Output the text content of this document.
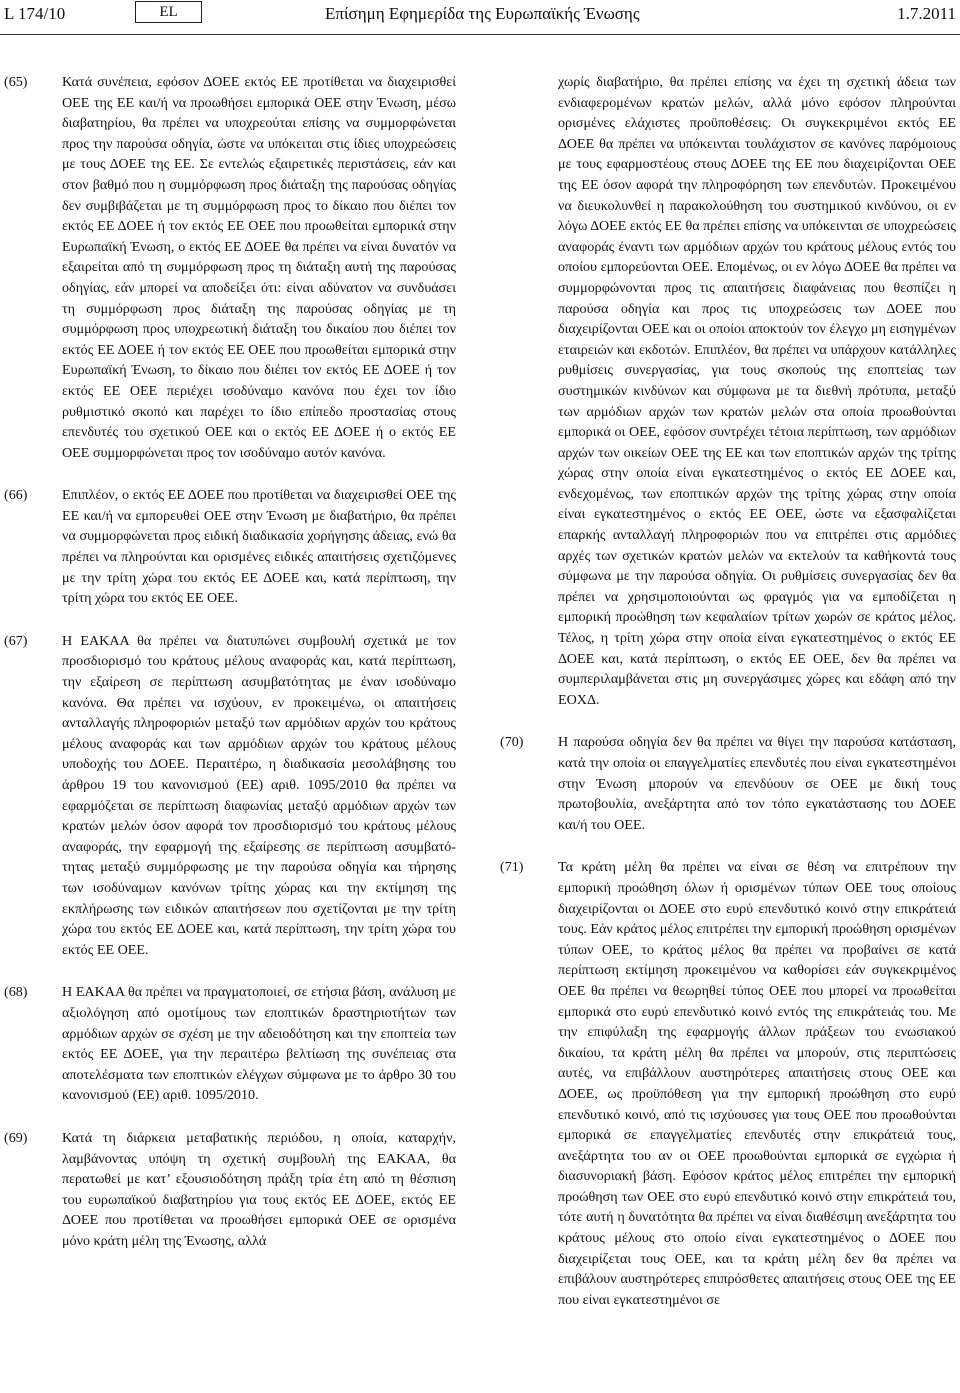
L 174/10	EL	Επίσημη Εφημερίδα της Ευρωπαϊκής Ένωσης	1.7.2011
(65)	Κατά συνέπεια, εφόσον ΔΟΕΕ εκτός ΕΕ προτίθεται να διαχειρισθεί ΟΕΕ της ΕΕ και/ή να προωθήσει εμπορικά ΟΕΕ στην Ένωση, μέσω διαβατηρίου, θα πρέπει να υποχρεούται επίσης να συμμορφώνεται προς την παρούσα οδηγία, ώστε να υπόκειται στις ίδιες υποχρεώσεις με τους ΔΟΕΕ της ΕΕ. Σε εντελώς εξαιρετικές περιστάσεις, εάν και στον βαθμό που η συμμόρφωση προς διάταξη της παρούσας οδηγίας δεν συμβιβάζεται με τη συμμόρφωση προς το δίκαιο που διέπει τον εκτός ΕΕ ΔΟΕΕ ή τον εκτός ΕΕ ΟΕΕ που προωθείται εμπορικά στην Ευρωπαϊκή Ένωση, ο εκτός ΕΕ ΔΟΕΕ θα πρέπει να είναι δυνατόν να εξαιρείται από τη συμμόρφωση προς τη διάταξη αυτή της παρούσας οδηγίας, εάν μπορεί να αποδείξει ότι: είναι αδύνατον να συνδυάσει τη συμμόρφωση προς διάταξη της παρούσας οδηγίας με τη συμμόρφωση προς υποχρεωτική διάταξη του δικαίου που διέπει τον εκτός ΕΕ ΔΟΕΕ ή τον εκτός ΕΕ ΟΕΕ που προωθείται εμπορικά στην Ευρωπαϊκή Ένωση, το δίκαιο που διέπει τον εκτός ΕΕ ΔΟΕΕ ή τον εκτός ΕΕ ΟΕΕ περιέχει ισοδύναμο κανόνα που έχει τον ίδιο ρυθμιστικό σκοπό και παρέχει το ίδιο επίπεδο προστασίας στους επενδυτές του σχετικού ΟΕΕ και ο εκτός ΕΕ ΔΟΕΕ ή ο εκτός ΕΕ ΟΕΕ συμμορφώνεται προς τον ισοδύναμο αυτόν κανόνα.

(66)	Επιπλέον, ο εκτός ΕΕ ΔΟΕΕ που προτίθεται να διαχειρισθεί ΟΕΕ της ΕΕ και/ή να εμπορευθεί ΟΕΕ στην Ένωση με διαβατήριο, θα πρέπει να συμμορφώνεται προς ειδική διαδικασία χορήγησης άδειας, ενώ θα πρέπει να πληρούνται και ορισμένες ειδικές απαιτήσεις σχετιζόμενες με την τρίτη χώρα του εκτός ΕΕ ΔΟΕΕ και, κατά περίπτωση, την τρίτη χώρα του εκτός ΕΕ ΟΕΕ.

(67)	Η ΕΑΚΑΑ θα πρέπει να διατυπώνει συμβουλή σχετικά με τον προσδιορισμό του κράτους μέλους αναφοράς και, κατά περίπτωση, την εξαίρεση σε περίπτωση ασυμβατότητας με έναν ισοδύναμο κανόνα. Θα πρέπει να ισχύουν, εν προκειμένω, οι απαιτήσεις ανταλλαγής πληροφοριών μεταξύ των αρμόδιων αρχών του κράτους μέλους αναφοράς και των αρμόδιων αρχών του κράτους μέλους υποδοχής του ΔΟΕΕ. Περαιτέρω, η διαδικασία μεσολάβησης του άρθρου 19 του κανονισμού (ΕΕ) αριθ. 1095/2010 θα πρέπει να εφαρμόζεται σε περίπτωση διαφωνίας μεταξύ αρμόδιων αρχών των κρατών μελών όσον αφορά τον προσδιορισμό του κράτους μέλους αναφοράς, την εφαρμογή της εξαίρεσης σε περίπτωση ασυμβατότητας μεταξύ συμμόρφωσης με την παρούσα οδηγία και τήρησης των ισοδύναμων κανόνων τρίτης χώρας και την εκτίμηση της εκπλήρωσης των ειδικών απαιτήσεων που σχετίζονται με την τρίτη χώρα του εκτός ΕΕ ΔΟΕΕ και, κατά περίπτωση, την τρίτη χώρα του εκτός ΕΕ ΟΕΕ.

(68)	Η ΕΑΚΑΑ θα πρέπει να πραγματοποιεί, σε ετήσια βάση, ανάλυση με αξιολόγηση από ομοτίμους των εποπτικών δραστηριοτήτων των αρμόδιων αρχών σε σχέση με την αδειοδότηση και την εποπτεία των εκτός ΕΕ ΔΟΕΕ, για την περαιτέρω βελτίωση της συνέπειας στα αποτελέσματα των εποπτικών ελέγχων σύμφωνα με το άρθρο 30 του κανονισμού (ΕΕ) αριθ. 1095/2010.

(69)	Κατά τη διάρκεια μεταβατικής περιόδου, η οποία, καταρχήν, λαμβάνοντας υπόψη τη σχετική συμβουλή της ΕΑΚΑΑ, θα περατωθεί με κατ’ εξουσιοδότηση πράξη τρία έτη από τη θέσπιση του ευρωπαϊκού διαβατηρίου για τους εκτός ΕΕ ΔΟΕΕ, εκτός ΕΕ ΔΟΕΕ που προτίθεται να προωθήσει εμπορικά ΟΕΕ σε ορισμένα μόνο κράτη μέλη της Ένωσης, αλλά

χωρίς διαβατήριο, θα πρέπει επίσης να έχει τη σχετική άδεια των ενδιαφερομένων κρατών μελών, αλλά μόνο εφόσον πληρούνται ορισμένες ελάχιστες προϋποθέσεις. Οι συγκεκριμένοι εκτός ΕΕ ΔΟΕΕ θα πρέπει να υπόκεινται τουλάχιστον σε κανόνες παρόμοιους με τους εφαρμοστέους στους ΔΟΕΕ της ΕΕ που διαχειρίζονται ΟΕΕ της ΕΕ όσον αφορά την πληροφόρηση των επενδυτών. Προκειμένου να διευκολυνθεί η παρακολούθηση του συστημικού κινδύνου, οι εν λόγω ΔΟΕΕ εκτός ΕΕ θα πρέπει επίσης να υπόκεινται σε υποχρεώσεις αναφοράς έναντι των αρμόδιων αρχών του κράτους μέλους εντός του οποίου εμπορεύονται ΟΕΕ. Επομένως, οι εν λόγω ΔΟΕΕ θα πρέπει να συμμορφώνονται προς τις απαιτήσεις διαφάνειας που θεσπίζει η παρούσα οδηγία και προς τις υποχρεώσεις των ΔΟΕΕ που διαχειρίζονται ΟΕΕ και οι οποίοι αποκτούν τον έλεγχο μη εισηγμένων εταιρειών και εκδοτών. Επιπλέον, θα πρέπει να υπάρχουν κατάλληλες ρυθμίσεις συνεργασίας, για τους σκοπούς της εποπτείας των συστημικών κινδύνων και σύμφωνα με τα διεθνή πρότυπα, μεταξύ των αρμόδιων αρχών των κρατών μελών στα οποία προωθούνται εμπορικά οι ΟΕΕ, εφόσον συντρέχει τέτοια περίπτωση, των αρμόδιων αρχών των οικείων ΟΕΕ της ΕΕ και των εποπτικών αρχών της τρίτης χώρας στην οποία είναι εγκατεστημένος ο εκτός ΕΕ ΔΟΕΕ και, ενδεχομένως, των εποπτικών αρχών της τρίτης χώρας στην οποία είναι εγκατεστημένος ο εκτός ΕΕ ΟΕΕ, ώστε να εξασφαλίζεται επαρκής ανταλλαγή πληροφοριών που να επιτρέπει στις αρμόδιες αρχές των σχετικών κρατών μελών να εκτελούν τα καθήκοντά τους σύμφωνα με την παρούσα οδηγία. Οι ρυθμίσεις συνεργασίας δεν θα πρέπει να χρησιμοποιούνται ως φραγμός για να εμποδίζεται η εμπορική προώθηση των κεφαλαίων τρίτων χωρών σε κράτος μέλος. Τέλος, η τρίτη χώρα στην οποία είναι εγκατεστημένος ο εκτός ΕΕ ΔΟΕΕ και, κατά περίπτωση, ο εκτός ΕΕ ΟΕΕ, δεν θα πρέπει να συμπεριλαμβάνεται στις μη συνεργάσιμες χώρες και εδάφη από την ΕΟΧΔ.

(70)	Η παρούσα οδηγία δεν θα πρέπει να θίγει την παρούσα κατάσταση, κατά την οποία οι επαγγελματίες επενδυτές που είναι εγκατεστημένοι στην Ένωση μπορούν να επενδύουν σε ΟΕΕ με δική τους πρωτοβουλία, ανεξάρτητα από τον τόπο εγκατάστασης του ΔΟΕΕ και/ή του ΟΕΕ.

(71)	Τα κράτη μέλη θα πρέπει να είναι σε θέση να επιτρέπουν την εμπορική προώθηση όλων ή ορισμένων τύπων ΟΕΕ τους οποίους διαχειρίζονται οι ΔΟΕΕ στο ευρύ επενδυτικό κοινό στην επικράτειά τους. Εάν κράτος μέλος επιτρέπει την εμπορική προώθηση ορισμένων τύπων ΟΕΕ, το κράτος μέλος θα πρέπει να προβαίνει σε κατά περίπτωση εκτίμηση προκειμένου να καθορίσει εάν συγκεκριμένος ΟΕΕ θα πρέπει να θεωρηθεί τύπος ΟΕΕ που μπορεί να προωθείται εμπορικά στο ευρύ επενδυτικό κοινό εντός της επικράτειάς του. Με την επιφύλαξη της εφαρμογής άλλων πράξεων του ενωσιακού δικαίου, τα κράτη μέλη θα πρέπει να μπορούν, στις περιπτώσεις αυτές, να επιβάλλουν αυστηρότερες απαιτήσεις στους ΟΕΕ και ΔΟΕΕ, ως προϋπόθεση για την εμπορική προώθηση στο ευρύ επενδυτικό κοινό, από τις ισχύουσες για τους ΟΕΕ που προωθούνται εμπορικά σε επαγγελματίες επενδυτές στην επικράτειά τους, ανεξάρτητα του αν οι ΟΕΕ προωθούνται εμπορικά σε εγχώρια ή διασυνοριακή βάση. Εφόσον κράτος μέλος επιτρέπει την εμπορική προώθηση των ΟΕΕ στο ευρύ επενδυτικό κοινό στην επικράτειά του, τότε αυτή η δυνατότητα θα πρέπει να είναι διαθέσιμη ανεξάρτητα του κράτους μέλους στο οποίο είναι εγκατεστημένος ο ΔΟΕΕ που διαχειρίζεται τους ΟΕΕ, και τα κράτη μέλη δεν θα πρέπει να επιβάλουν αυστηρότερες επιπρόσθετες απαιτήσεις στους ΟΕΕ της ΕΕ που είναι εγκατεστημένοι σε
